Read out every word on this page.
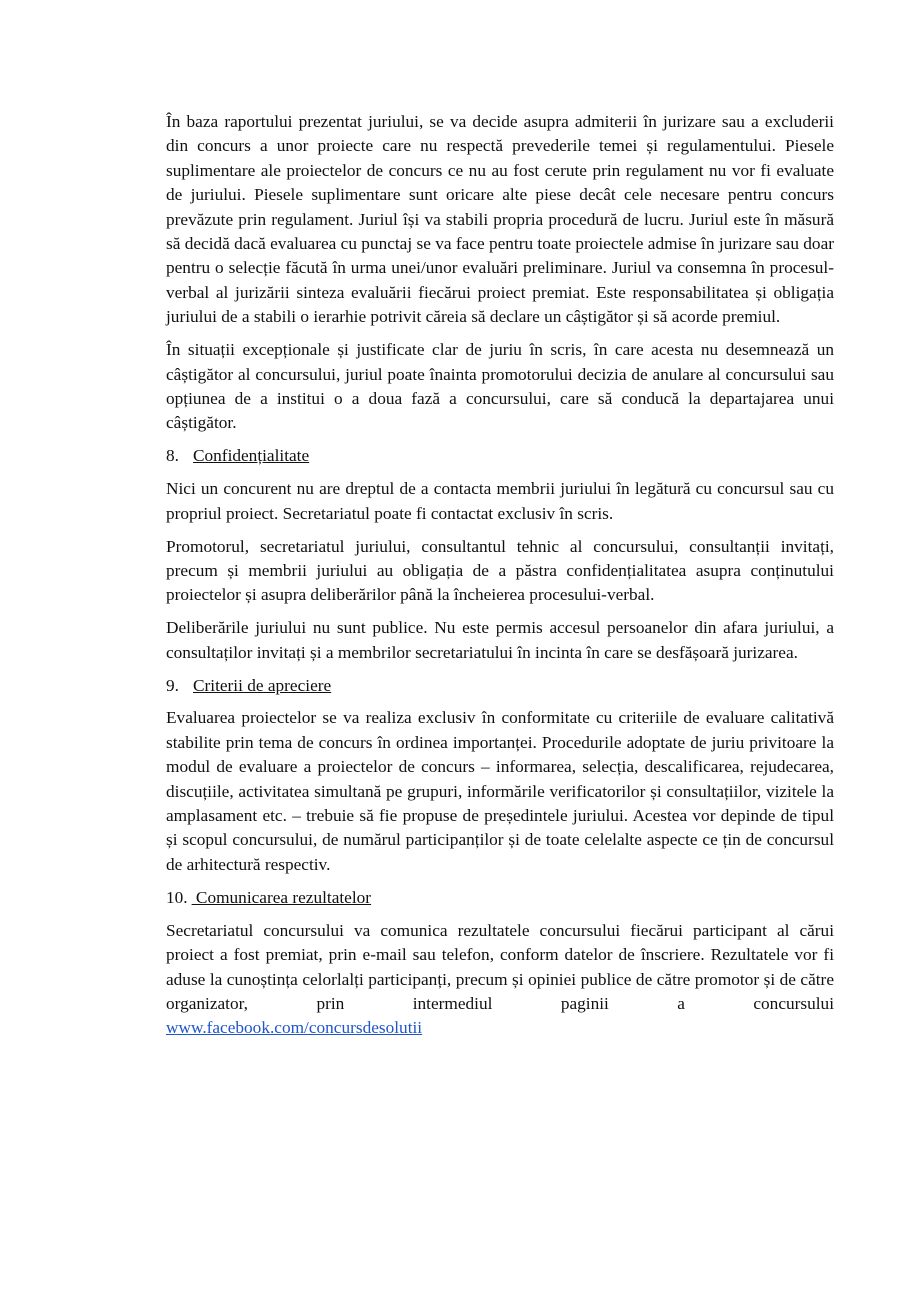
În baza raportului prezentat juriului, se va decide asupra admiterii în jurizare sau a excluderii din concurs a unor proiecte care nu respectă prevederile temei și regulamentului. Piesele suplimentare ale proiectelor de concurs ce nu au fost cerute prin regulament nu vor fi evaluate de juriului. Piesele suplimentare sunt oricare alte piese decât cele necesare pentru concurs prevăzute prin regulament. Juriul își va stabili propria procedură de lucru. Juriul este în măsură să decidă dacă evaluarea cu punctaj se va face pentru toate proiectele admise în jurizare sau doar pentru o selecție făcută în urma unei/unor evaluări preliminare. Juriul va consemna în procesul-verbal al jurizării sinteza evaluării fiecărui proiect premiat. Este responsabilitatea și obligația juriului de a stabili o ierarhie potrivit căreia să declare un câștigător și să acorde premiul.

În situații excepționale și justificate clar de juriu în scris, în care acesta nu desemnează un câștigător al concursului, juriul poate înainta promotorului decizia de anulare al concursului sau opțiunea de a institui o a doua fază a concursului, care să conducă la departajarea unui câștigător.

8. Confidențialitate

Nici un concurent nu are dreptul de a contacta membrii juriului în legătură cu concursul sau cu propriul proiect. Secretariatul poate fi contactat exclusiv în scris.

Promotorul, secretariatul juriului, consultantul tehnic al concursului, consultanții invitați, precum și membrii juriului au obligația de a păstra confidențialitatea asupra conținutului proiectelor și asupra deliberărilor până la încheierea procesului-verbal.

Deliberările juriului nu sunt publice. Nu este permis accesul persoanelor din afara juriului, a consultaților invitați și a membrilor secretariatului în incinta în care se desfășoară jurizarea.

9. Criterii de apreciere

Evaluarea proiectelor se va realiza exclusiv în conformitate cu criteriile de evaluare calitativă stabilite prin tema de concurs în ordinea importanței. Procedurile adoptate de juriu privitoare la modul de evaluare a proiectelor de concurs – informarea, selecția, descalificarea, rejudecarea, discuțiile, activitatea simultană pe grupuri, informările verificatorilor și consultațiilor, vizitele la amplasament etc. – trebuie să fie propuse de președintele juriului. Acestea vor depinde de tipul și scopul concursului, de numărul participanților și de toate celelalte aspecte ce țin de concursul de arhitectură respectiv.

10. Comunicarea rezultatelor

Secretariatul concursului va comunica rezultatele concursului fiecărui participant al cărui proiect a fost premiat, prin e-mail sau telefon, conform datelor de înscriere. Rezultatele vor fi aduse la cunoștința celorlalți participanți, precum și opiniei publice de către promotor și de către organizator, prin intermediul paginii a concursului

www.facebook.com/concursdesolutii
